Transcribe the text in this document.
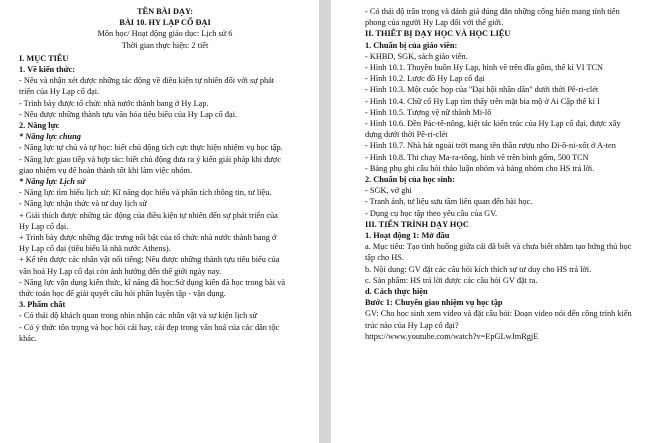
TÊN BÀI DẠY:
BÀI 10. HY LẠP CỔ ĐẠI
Môn học/ Hoạt động giáo dục: Lịch sử 6
Thời gian thực hiện: 2 tiết
I. MỤC TIÊU
1. Về kiến thức:
- Nêu và nhận xét được những tác động về điều kiện tự nhiên đối với sự phát
triển của Hy Lạp cổ đại.
- Trình bày được tổ chức nhà nước thành bang ở Hy Lạp.
- Nêu được những thành tựu văn hóa tiêu biểu của Hy Lạp cổ đại.
2. Năng lực
* Năng lực chung
- Năng lực tự chủ và tự học: biết chủ động tích cực thực hiện nhiệm vụ học tập.
- Năng lực giao tiếp và hợp tác: biết chủ động đưa ra ý kiến giải pháp khi được
giao nhiệm vụ để hoàn thành tốt khi làm việc nhóm.
* Năng lực Lịch sử
- Năng lực tìm hiểu lịch sử: Kĩ năng đọc hiểu và phân tích thông tin, tư liệu.
- Năng lực nhận thức và tư duy lịch sử
+ Giải thích được những tác động của điều kiện tự nhiên đến sự phát triển của
Hy Lạp cổ đại.
+ Trình bày được những đặc trưng nổi bật của tổ chức nhà nước thành bang ở
Hy Lạp cổ đại (tiêu biểu là nhà nước Athens).
+ Kể tên được các nhân vật nổi tiếng; Nêu được những thành tựu tiêu biểu của
văn hoá Hy Lạp cổ đại còn ảnh hưởng đến thế giới ngày nay.
- Năng lực vận dụng kiến thức, kĩ năng đã học:Sử dụng kiến đã học trong bài và
thức toán học để giải quyết câu hỏi phần luyện tập - vận dụng.
3. Phẩm chất
- Có thái độ khách quan trong nhìn nhận các nhân vật và sự kiện lịch sử
- Có ý thức tôn trọng và học hỏi cái hay, cái đẹp trong văn hoá của các dân tộc
khác.
- Có thái độ trân trọng và đánh giá đúng đắn những cống hiến mang tính tiên
phong của người Hy Lạp đối với thế giới.
II. THIẾT BỊ DẠY HỌC VÀ HỌC LIỆU
1. Chuẩn bị của giáo viên:
- KHBD, SGK, sách giáo viên.
- Hình 10.1. Thuyền buồn Hy Lạp, hình vẽ trên đĩa gốm, thế kỉ VI TCN
- Hình 10.2. Lược đồ Hy Lạp cổ đại
- Hình 10.3. Một cuộc họp của "Đại hội nhân dân" dưới thời Pê-ri-clét
- Hình 10.4. Chữ cổ Hy Lạp tìm thấy trên mặt bia mộ ở Ai Cập thế kỉ I
- Hình 10.5. Tượng vệ nữ thành Mi-lô
- Hình 10.6. Đền Pác-tê-nông, kiệt tác kiến trúc của Hy Lạp cổ đại, được xây
dựng dưới thời Pê-ri-clét
- Hình 10.7. Nhà hát ngoài trời mang tên thần rượu nho Đi-ô-ni-xốt ở A-ten
- Hình 10.8. Thi chạy Ma-ra-tông, hình vẽ trên bình gốm, 500 TCN
- Bảng phụ ghi câu hỏi thảo luận nhóm và bảng nhóm cho HS trả lời.
2. Chuẩn bị của học sinh:
- SGK, vở ghi
- Tranh ảnh, tư liệu sưu tầm liên quan đến bài học.
- Dụng cụ học tập theo yêu cầu của GV.
III. TIẾN TRÌNH DẠY HỌC
1. Hoạt động 1: Mở đầu
a. Mục tiêu: Tạo tình huống giữa cái đã biết và chưa biết nhằm tạo hứng thú học
tập cho HS.
b. Nội dung: GV đặt các câu hỏi kích thích sự tư duy cho HS trả lời.
c. Sản phẩm: HS trả lời được các câu hỏi GV đặt ra.
d. Cách thực hiện
Bước 1: Chuyển giao nhiệm vụ học tập
GV: Cho học sinh xem video và đặt câu hỏi: Đoạn video nói đến công trình kiến
trúc nào của Hy Lạp cổ đại?
https://www.youtube.com/watch?v=EpGLwJmRgjE
